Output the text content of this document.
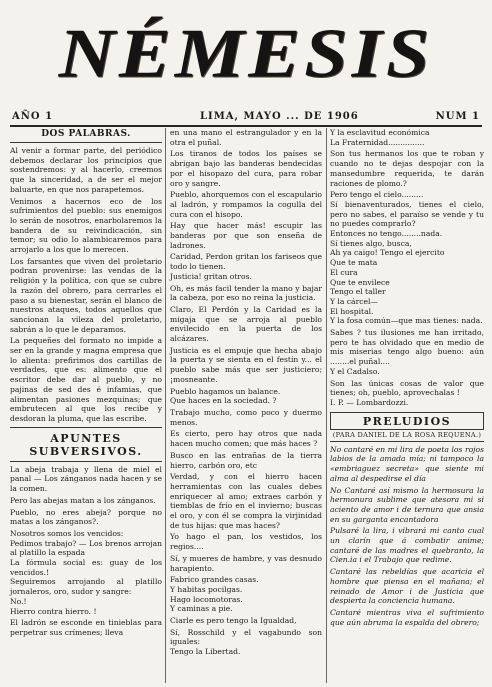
NÉMESIS
AÑO 1	LIMA, MAYO ... DE 1906	NUM 1
DOS PALABRAS.

Al venir a formar parte, del periódico debemos declarar los principios que sostendremos: y al hacerlo, creemos que la sinceridad, a de ser el mejor baluarte, en que nos parapetemos.

Venimos a hacernos eco de los sufrimientos del pueblo: sus enemigos lo serán de nosotros, enarbolaremos la bandera de su reivindicación, sin temor; su odio lo alambicaremos para arrojarlo a los que lo merecen.

Los farsantes que viven del proletario podran provenirse: las vendas de la religión y la política, con que se cubre la razón del obrero, para cerrarles el paso a su bienestar, serán el blanco de nuestros ataques, todos aquellos que sancionan la vileza del proletario, sabrán a lo que le deparamos.

La pequeñes del formato no impide a ser en la grande y magna empresa que lo alienta: prefirimos dos cartillas de verdades, que es: alimento que el escritor debe dar al pueblo, y no pajinas de sed des é infamias, que alimentan pasiones mezquinas; que embrutecen al que los recibe y desdoran la pluma, que las escribe.

APUNTES SUBVERSIVOS.

La abeja trabaja y llena de miel el panal — Los zánganos nada hacen y se la comen.

Pero las abejas matan a los zánganos.

Pueblo, no eres abeja? porque no matas a los zánganos?.

Nosotros somos los vencidos:
Pedimos trabajo? — Los brenos arrojan al platillo la espada
La fórmula social es: guay de los vencidos.!
Seguiremos arrojando al platillo jornaleros, oro, sudor y sangre:
No.!
Hierro contra hierro. !

El ladrón se esconde en tinieblas para perpetrar sus crímenes; lleva

en una mano el estrangulador y en la otra el puñal.

Los tiranos de todos los países se abrigan bajo las banderas bendecidas por el hisopazo del cura, para robar oro y sangre.

Pueblo, ahorquemos con el escapulario al ladrón, y rompamos la cogulla del cura con el hisopo.

Hay que hacer más! escupir las banderas por que son enseña de ladrones.

Caridad, Perdon gritan los fariseos que todo lo tienen.
Justicia! gritan otros.

Oh, es más facil tender la mano y bajar la cabeza, por eso no reina la justicia.

Claro, El Perdón y la Caridad es la migaja que se arroja al pueblo envilecido en la puerta de los alcázares.

Justicia es el empuje que hecha abajo la puerta y se sienta en el festín y... el pueblo sabe más que ser justiciero; ¡mosneante.

Pueblo hagamos un balance.
Que haces en la sociedad. ?

Trabajo mucho, como poco y duermo menos.

Es cierto, pero hay otros que nada hacen mucho comen; que más haces ?

Busco en las entrañas de la tierra hierro, carbón oro, etc

Verdad, y con el hierro hacen herramientas con las cuales debes enriquecer al amo; extraes carbón y tiemblas de frío en el invierno; buscas el oro, y con él se compra la virjinidad de tus hijas: que mas haces?

Yo hago el pan, los vestidos, los regios....

Sí, y mueres de hambre, y vas desnudo harapiento.

Fabrico grandes casas.
Y habitas pocilgas.
Hago locomotoras.
Y caminas a pie.

Ciarle es pero tengo la Igualdad,

Sí, Rosschild y el vagabundo son iguales:
Tengo la Libertad.

Y la esclavitud económica
La Fraternidad...............

Son tus hermanos los que te roban y cuando no te dejas despojar con la mansedumbre requerida, te darán raciones de plomo.?

Pero tengo el cielo.........
Sí bienaventurados, tienes el cielo, pero no sabes, el paraíso se vende y tu no puedes comprarlo?
Entonces no tengo........nada.
Sí tienes algo, busca,
Ah ya caigo! Tengo el ejercito
Que te mata
El cura
Que te envilece
Tengo el taller
Y la cárcel—
El hospital.
Y la fosa común—que mas tienes: nada.

Sabes ? tus ilusiones me han irritado, pero te has olvidado que en medio de mis miserias tengo algo bueno: aún ........el puñal....
Y el Cadalso.

Son las únicas cosas de valor que tienes; oh, pueblo, aprovechalas !
I. P. — Lombardozzi.

PRELUDIOS
(PARA DANIEL DE LA ROSA REQUENA.)

No cantaré en mi lira de poeta los rojos labios de la amada mía; ni tampoco la «embriaguez secreta» que siente mi alma al despedirse el día

No Cantaré así mismo la hermosura la hermonura sublime que atesora mi si aciento de amor i de ternura que ansia en su garganta encantadora

Pulsaré la lira, i vibrará mi canto cual un clarín que á combatir anime; cantaré de las madres el quebranto, la Cien.ia i el Trabajo que redime.

Cantaré las rebeldías que acaricia el hombre que piensa en el mañana; el reinado de Amor i de Justicia que despierta la conciencia humana.

Cantaré mientras viva el sufrimiento que aún abruma la espalda del obrero;
